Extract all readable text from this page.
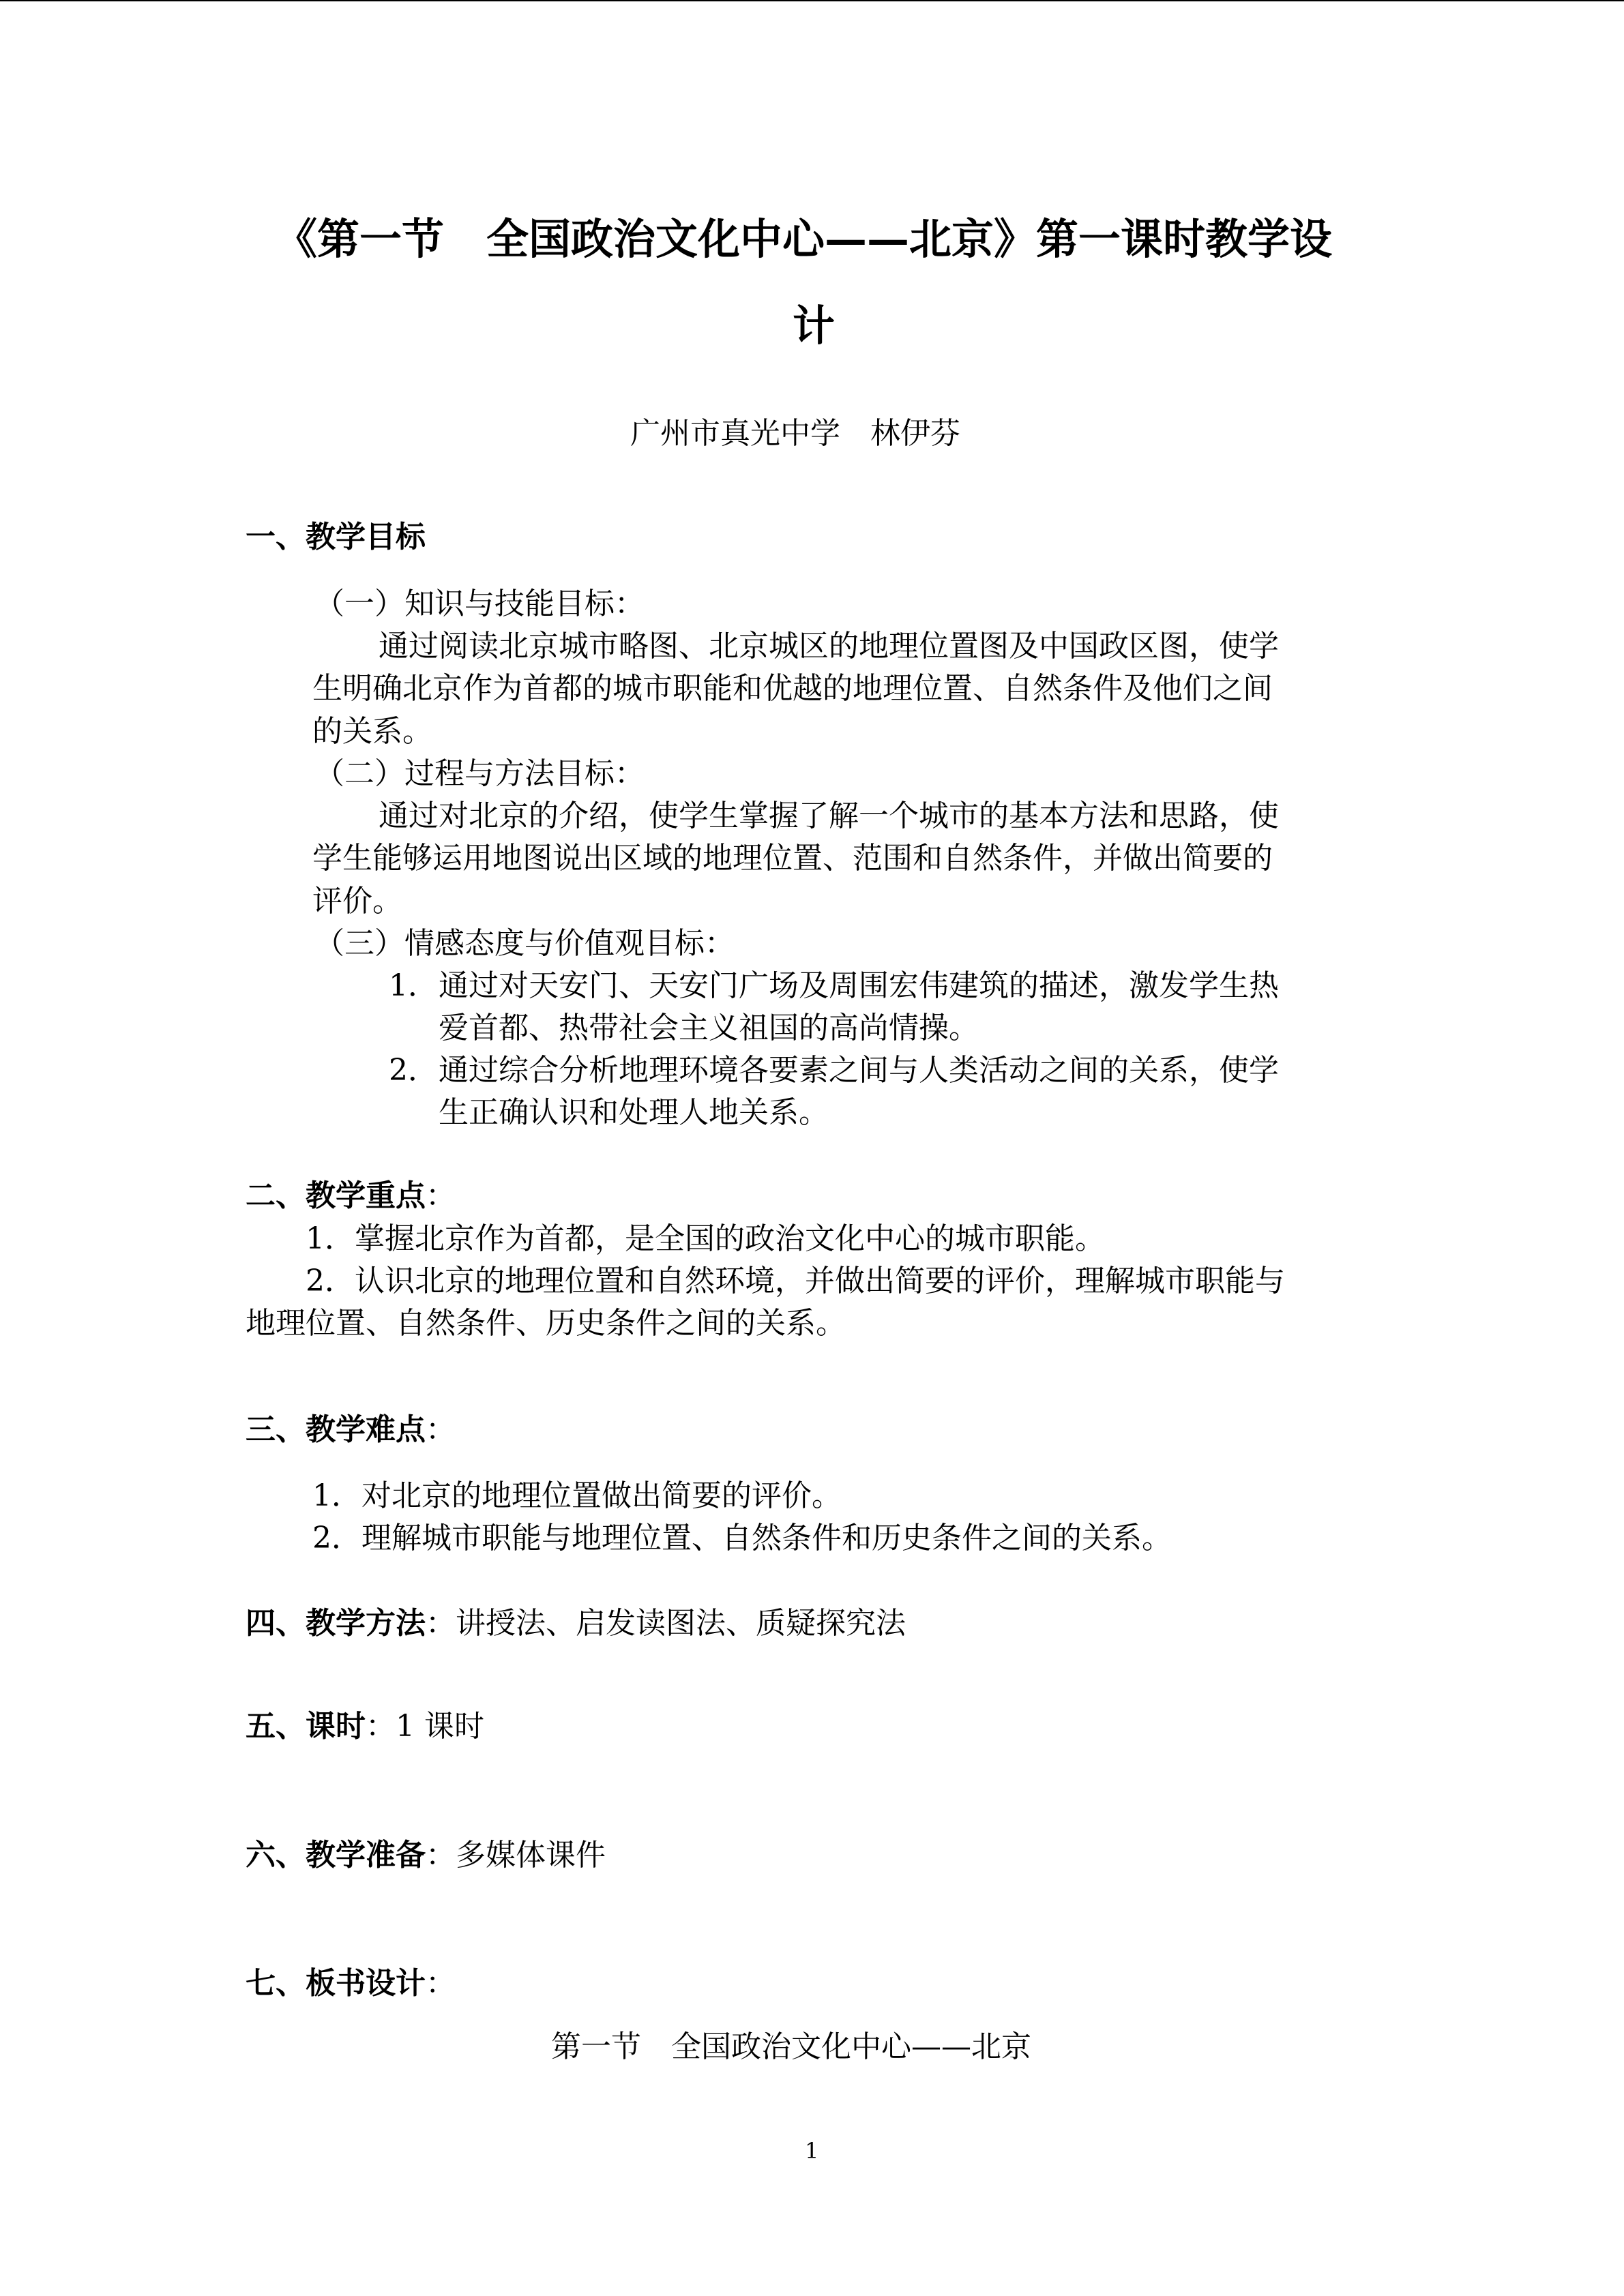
《第一节　全国政治文化中心——北京》第一课时教学设
计
广州市真光中学　林伊芬
一、教学目标
（一）知识与技能目标：
通过阅读北京城市略图、北京城区的地理位置图及中国政区图，使学
生明确北京作为首都的城市职能和优越的地理位置、自然条件及他们之间
的关系。
（二）过程与方法目标：
通过对北京的介绍，使学生掌握了解一个城市的基本方法和思路，使
学生能够运用地图说出区域的地理位置、范围和自然条件，并做出简要的
评价。
（三）情感态度与价值观目标：
1． 通过对天安门、天安门广场及周围宏伟建筑的描述，激发学生热
爱首都、热带社会主义祖国的高尚情操。
2． 通过综合分析地理环境各要素之间与人类活动之间的关系，使学
生正确认识和处理人地关系。
二、教学重点：
1．掌握北京作为首都，是全国的政治文化中心的城市职能。
2．认识北京的地理位置和自然环境，并做出简要的评价，理解城市职能与
地理位置、自然条件、历史条件之间的关系。
三、教学难点：
1．对北京的地理位置做出简要的评价。
2．理解城市职能与地理位置、自然条件和历史条件之间的关系。
四、教学方法：讲授法、启发读图法、质疑探究法
五、课时：1 课时
六、教学准备：多媒体课件
七、板书设计：
第一节　全国政治文化中心——北京
1
